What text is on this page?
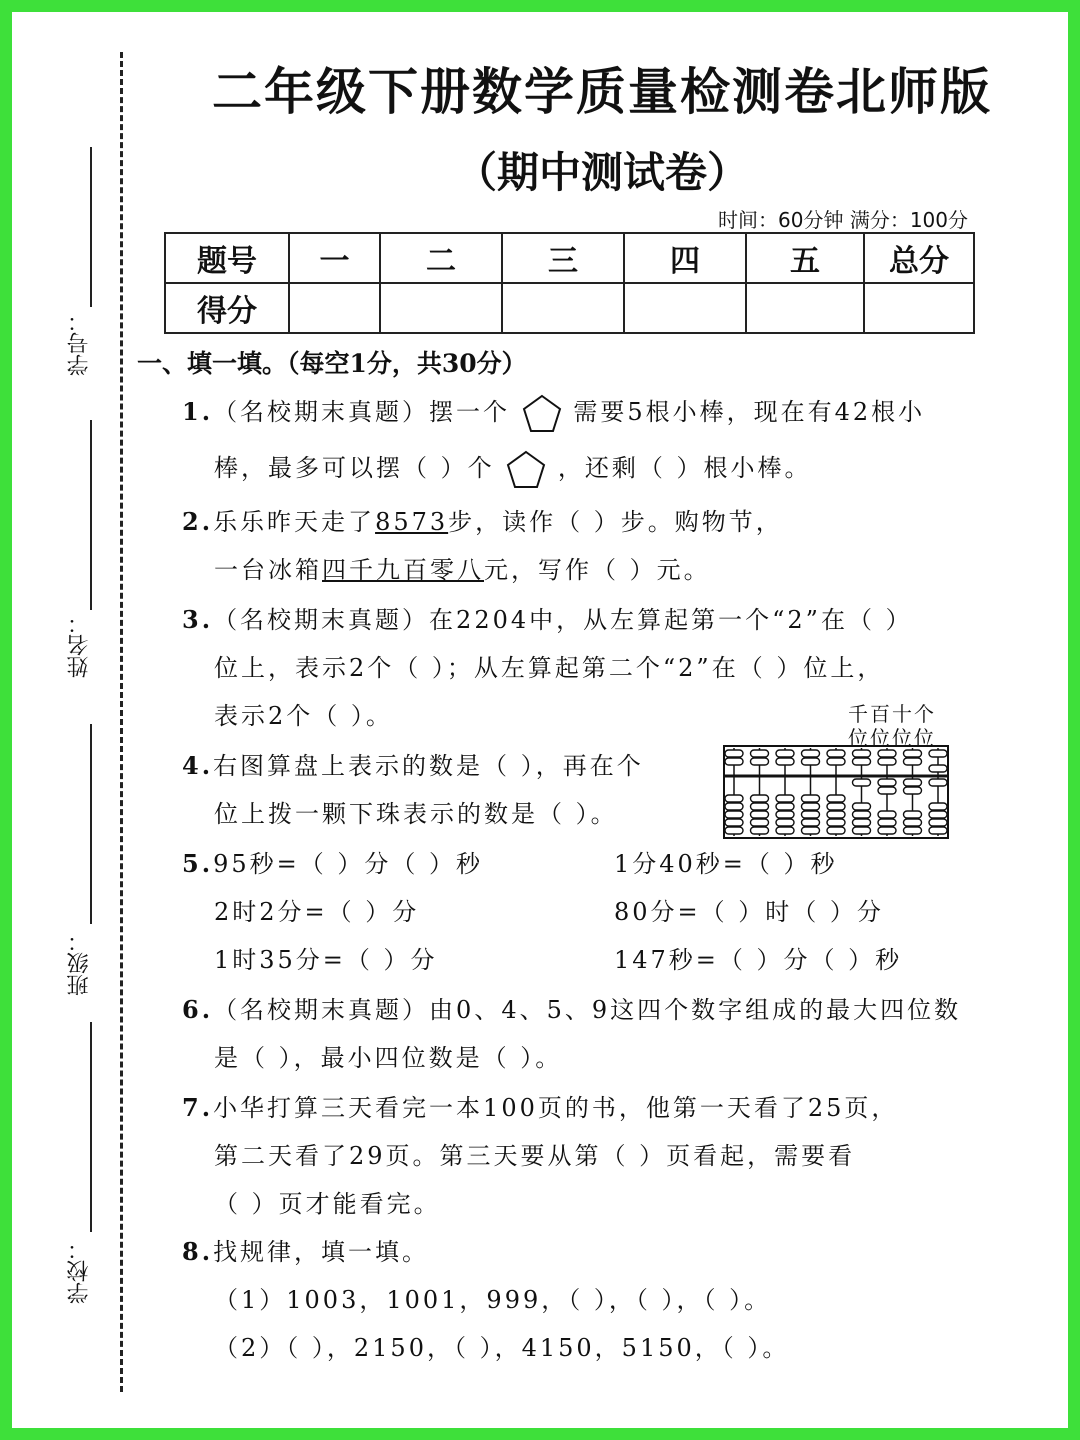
学号：
姓名：
班级：
学校：
二年级下册数学质量检测卷北师版
（期中测试卷）
时间：60分钟 满分：100分
题号	一	二	三	四	五	总分
得分						
一、填一填。（每空1分，共30分）
1.（名校期末真题）摆一个	需要5根小棒，现在有42根小
棒，最多可以摆（ ）个	，还剩（ ）根小棒。
2.乐乐昨天走了8573步，读作（ ）步。购物节，
一台冰箱四千九百零八元，写作（ ）元。
3.（名校期末真题）在2204中，从左算起第一个“2”在（ ）
位上，表示2个（ ）；从左算起第二个“2”在（ ）位上，
表示2个（ ）。	千百十个
位位位位
4.右图算盘上表示的数是（ ），再在个
位上拨一颗下珠表示的数是（ ）。
5.95秒=（ ）分（ ）秒	1分40秒=（ ）秒
2时2分=（ ）分	80分=（ ）时（ ）分
1时35分=（ ）分	147秒=（ ）分（ ）秒
6.（名校期末真题）由0、4、5、9这四个数字组成的最大四位数
是（ ），最小四位数是（ ）。
7.小华打算三天看完一本100页的书，他第一天看了25页，
第二天看了29页。第三天要从第（ ）页看起，需要看
（ ）页才能看完。
8.找规律，填一填。
（1）1003，1001，999，（ ），（ ），（ ）。
（2）（ ），2150，（ ），4150，5150，（ ）。
